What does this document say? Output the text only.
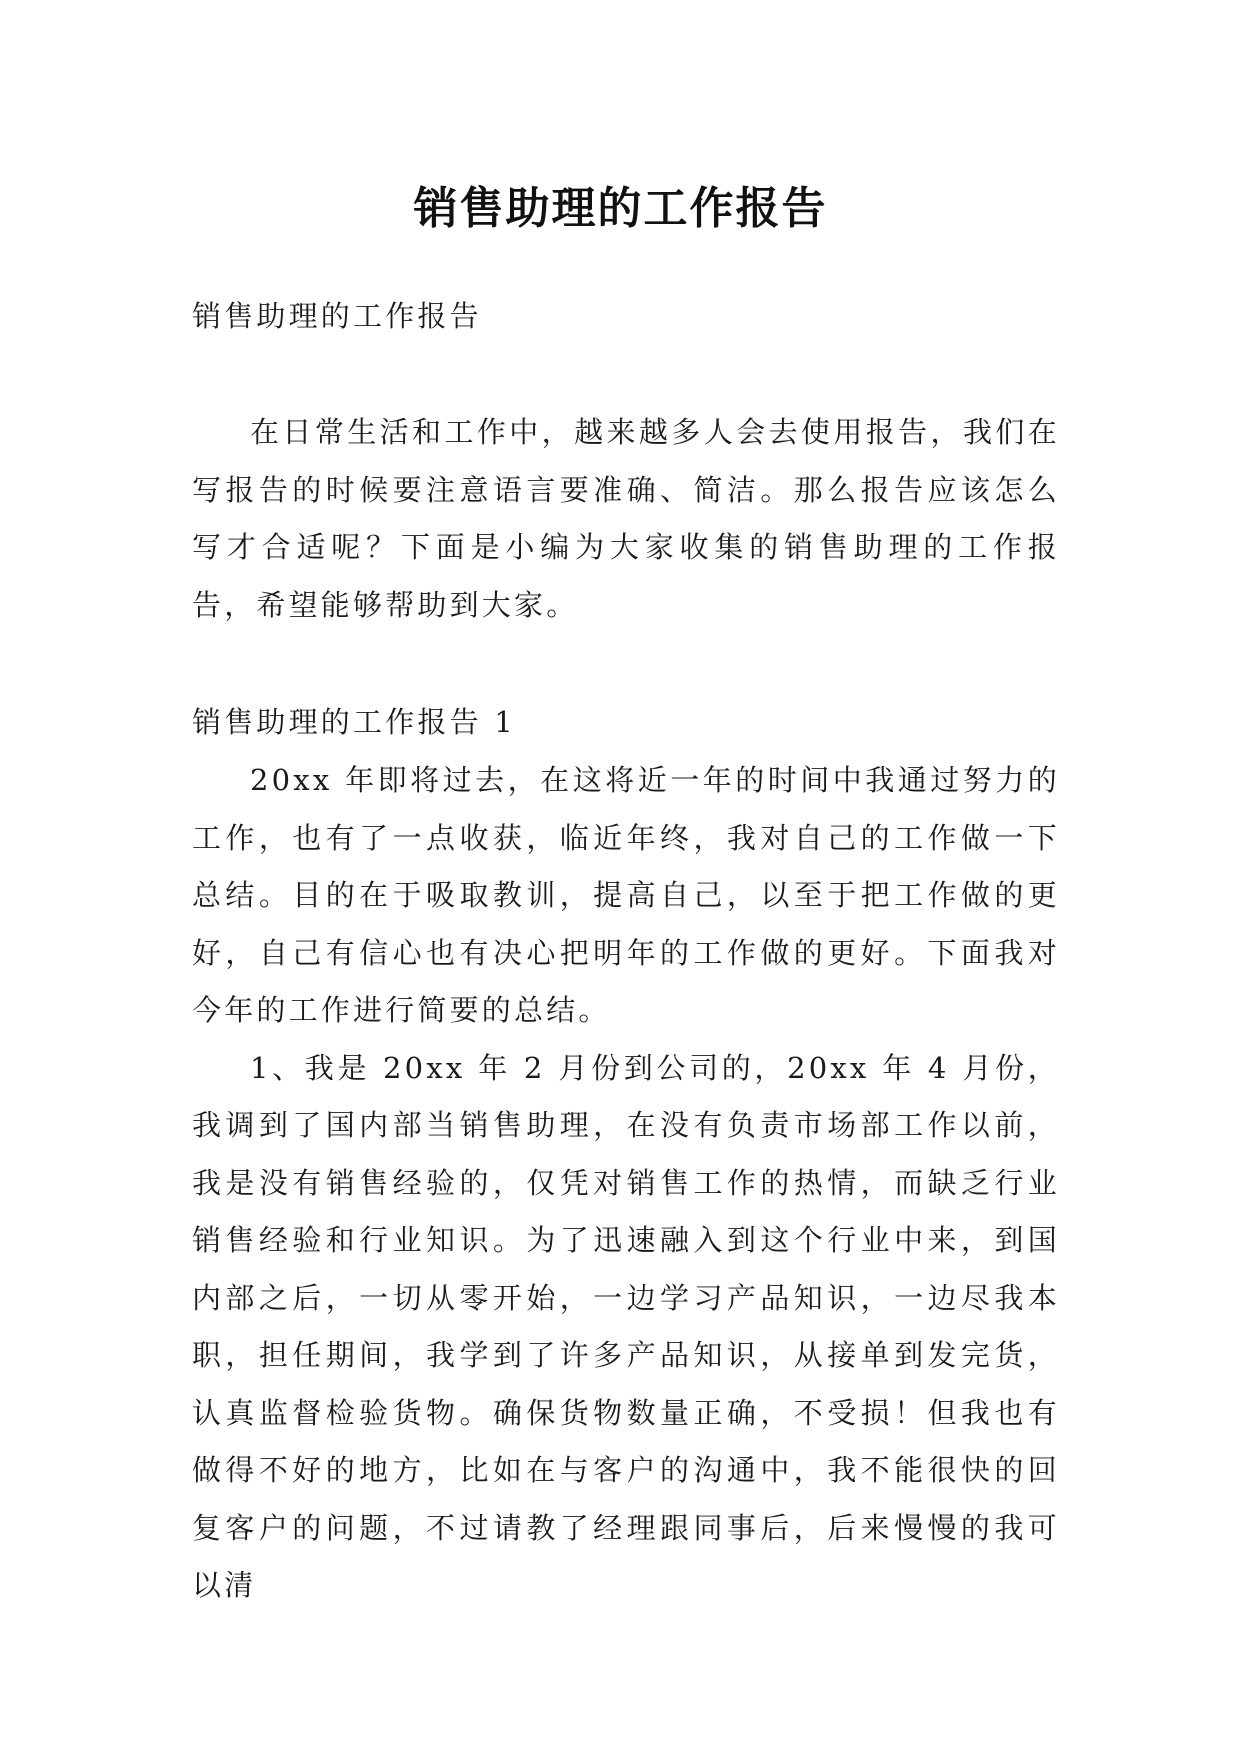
销售助理的工作报告
销售助理的工作报告

在日常生活和工作中，越来越多人会去使用报告，我们在写报告的时候要注意语言要准确、简洁。那么报告应该怎么写才合适呢？下面是小编为大家收集的销售助理的工作报告，希望能够帮助到大家。

销售助理的工作报告 1

20xx 年即将过去，在这将近一年的时间中我通过努力的工作，也有了一点收获，临近年终，我对自己的工作做一下总结。目的在于吸取教训，提高自己，以至于把工作做的更好，自己有信心也有决心把明年的工作做的更好。下面我对今年的工作进行简要的总结。

1、我是 20xx 年 2 月份到公司的，20xx 年 4 月份，我调到了国内部当销售助理，在没有负责市场部工作以前，我是没有销售经验的，仅凭对销售工作的热情，而缺乏行业销售经验和行业知识。为了迅速融入到这个行业中来，到国内部之后，一切从零开始，一边学习产品知识，一边尽我本职，担任期间，我学到了许多产品知识，从接单到发完货，认真监督检验货物。确保货物数量正确，不受损！但我也有做得不好的地方，比如在与客户的沟通中，我不能很快的回复客户的问题，不过请教了经理跟同事后，后来慢慢的我可以清
